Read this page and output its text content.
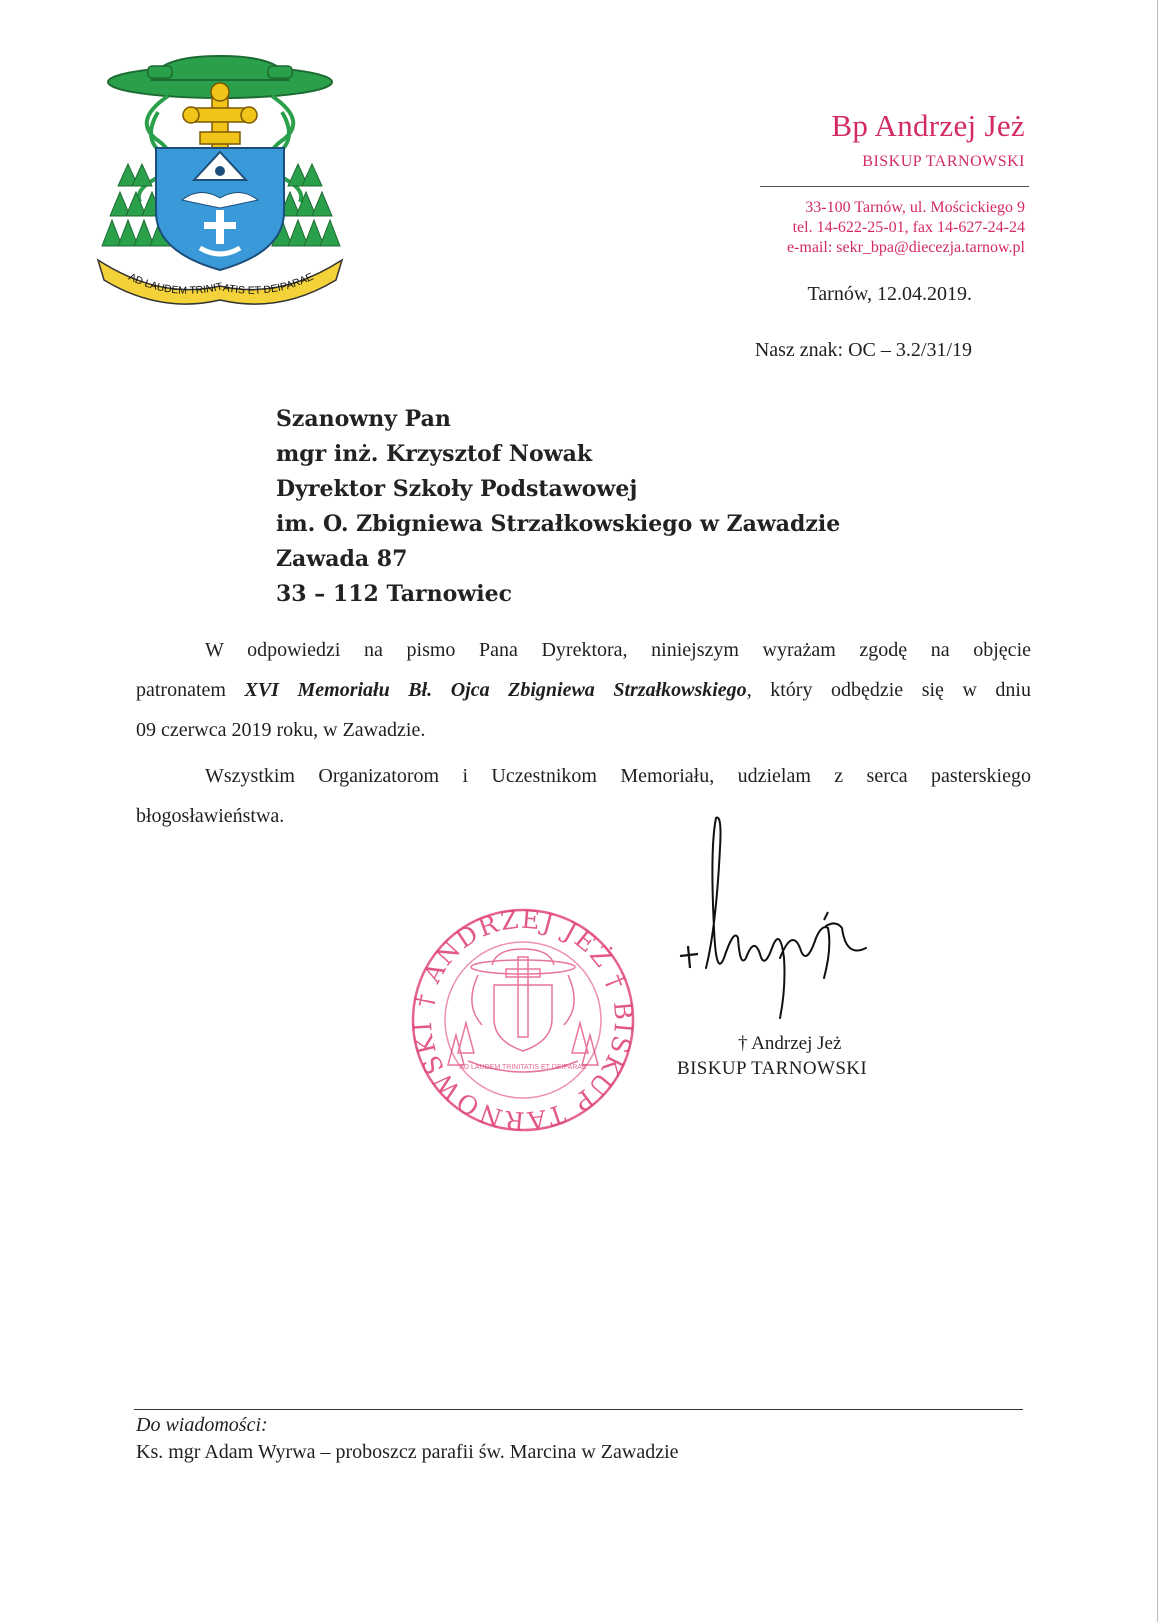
AD LAUDEM TRINITATIS ET DEIPARAE
Bp Andrzej Jeż
BISKUP TARNOWSKI
33-100 Tarnów, ul. Mościckiego 9
tel. 14-622-25-01, fax 14-627-24-24
e-mail: sekr_bpa@diecezja.tarnow.pl
Tarnów, 12.04.2019.
Nasz znak: OC – 3.2/31/19
Szanowny Pan
mgr inż. Krzysztof Nowak
Dyrektor Szkoły Podstawowej
im. O. Zbigniewa Strzałkowskiego w Zawadzie
Zawada 87
33 – 112 Tarnowiec
W odpowiedzi na pismo Pana Dyrektora, niniejszym wyrażam zgodę na objęcie
patronatem XVI Memoriału Bł. Ojca Zbigniewa Strzałkowskiego, który odbędzie się w dniu
09 czerwca 2019 roku, w Zawadzie.
Wszystkim Organizatorom i Uczestnikom Memoriału, udzielam z serca pasterskiego
błogosławieństwa.
† ANDRZEJ JEŻ † BISKUP TARNOWSKI
AD LAUDEM TRINITATIS ET DEIPARAE
† Andrzej Jeż
BISKUP TARNOWSKI
Do wiadomości:
Ks. mgr Adam Wyrwa – proboszcz parafii św. Marcina w Zawadzie
